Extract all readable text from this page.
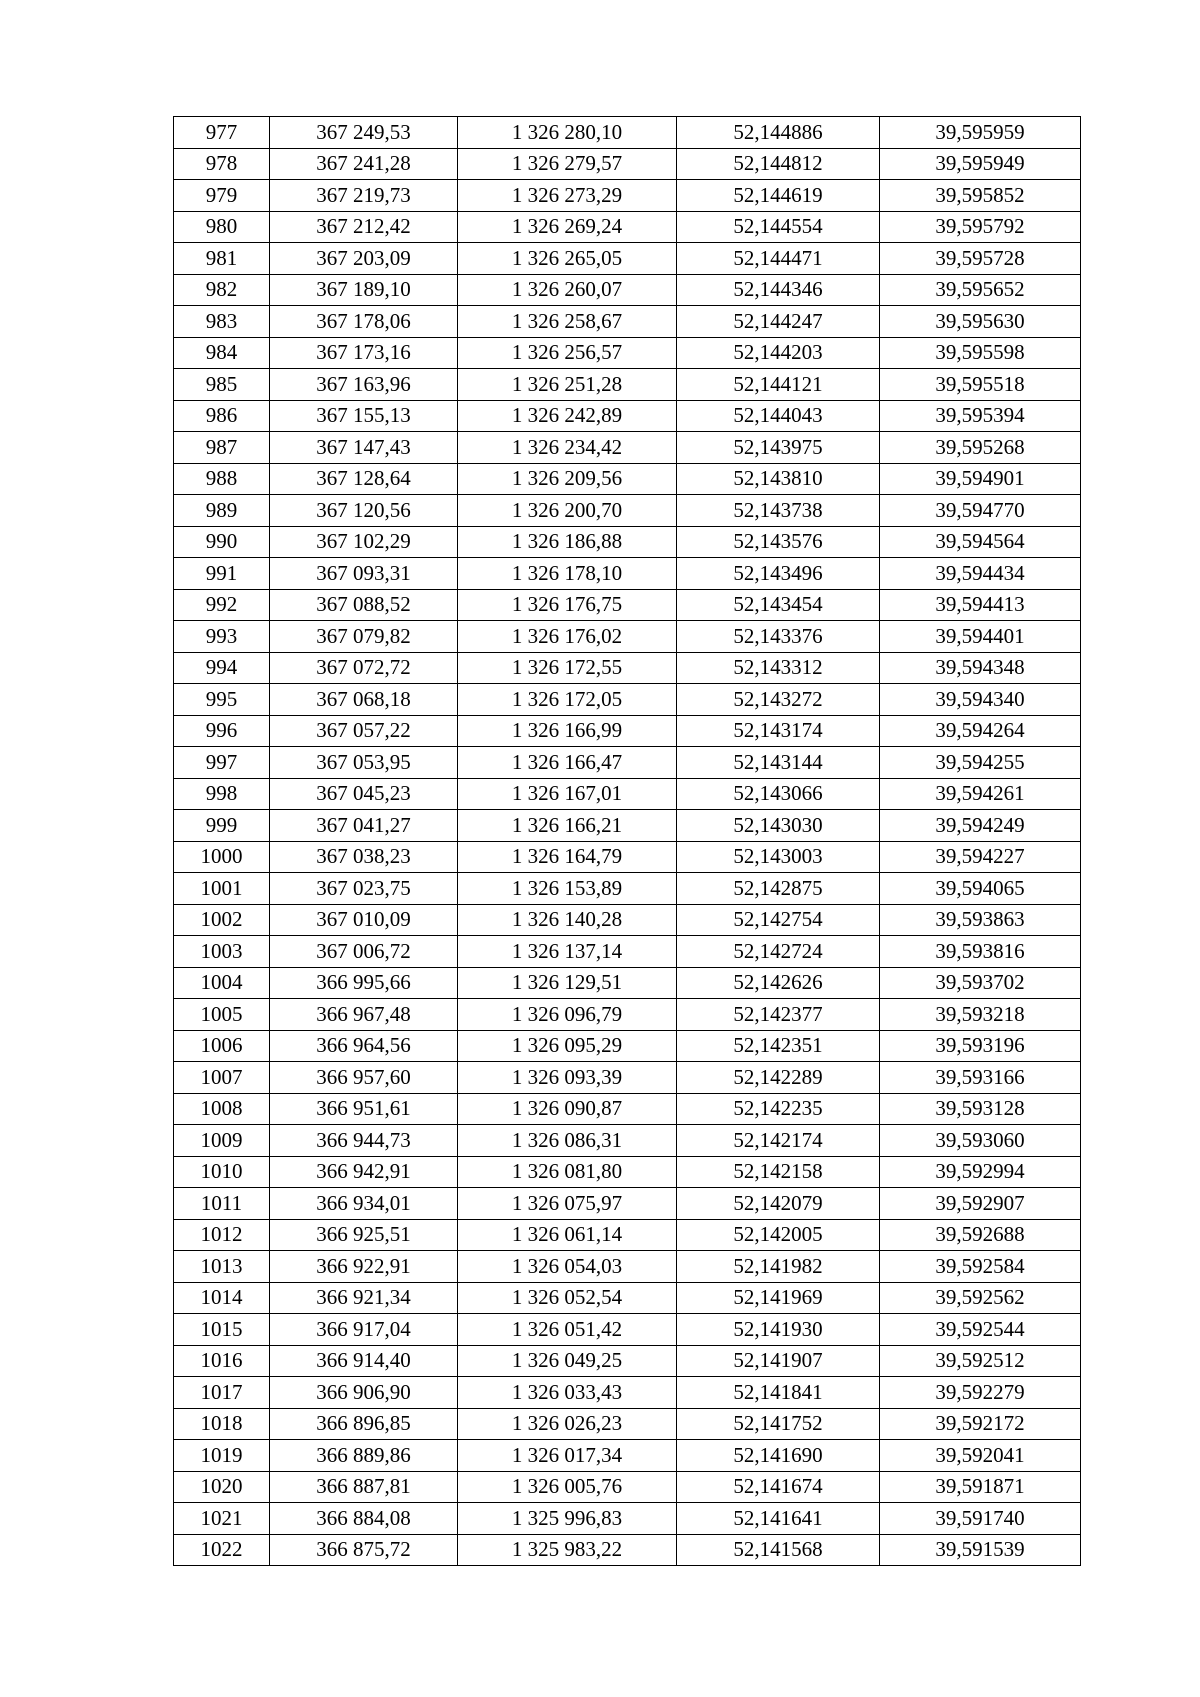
977	367 249,53	1 326 280,10	52,144886	39,595959
978	367 241,28	1 326 279,57	52,144812	39,595949
979	367 219,73	1 326 273,29	52,144619	39,595852
980	367 212,42	1 326 269,24	52,144554	39,595792
981	367 203,09	1 326 265,05	52,144471	39,595728
982	367 189,10	1 326 260,07	52,144346	39,595652
983	367 178,06	1 326 258,67	52,144247	39,595630
984	367 173,16	1 326 256,57	52,144203	39,595598
985	367 163,96	1 326 251,28	52,144121	39,595518
986	367 155,13	1 326 242,89	52,144043	39,595394
987	367 147,43	1 326 234,42	52,143975	39,595268
988	367 128,64	1 326 209,56	52,143810	39,594901
989	367 120,56	1 326 200,70	52,143738	39,594770
990	367 102,29	1 326 186,88	52,143576	39,594564
991	367 093,31	1 326 178,10	52,143496	39,594434
992	367 088,52	1 326 176,75	52,143454	39,594413
993	367 079,82	1 326 176,02	52,143376	39,594401
994	367 072,72	1 326 172,55	52,143312	39,594348
995	367 068,18	1 326 172,05	52,143272	39,594340
996	367 057,22	1 326 166,99	52,143174	39,594264
997	367 053,95	1 326 166,47	52,143144	39,594255
998	367 045,23	1 326 167,01	52,143066	39,594261
999	367 041,27	1 326 166,21	52,143030	39,594249
1000	367 038,23	1 326 164,79	52,143003	39,594227
1001	367 023,75	1 326 153,89	52,142875	39,594065
1002	367 010,09	1 326 140,28	52,142754	39,593863
1003	367 006,72	1 326 137,14	52,142724	39,593816
1004	366 995,66	1 326 129,51	52,142626	39,593702
1005	366 967,48	1 326 096,79	52,142377	39,593218
1006	366 964,56	1 326 095,29	52,142351	39,593196
1007	366 957,60	1 326 093,39	52,142289	39,593166
1008	366 951,61	1 326 090,87	52,142235	39,593128
1009	366 944,73	1 326 086,31	52,142174	39,593060
1010	366 942,91	1 326 081,80	52,142158	39,592994
1011	366 934,01	1 326 075,97	52,142079	39,592907
1012	366 925,51	1 326 061,14	52,142005	39,592688
1013	366 922,91	1 326 054,03	52,141982	39,592584
1014	366 921,34	1 326 052,54	52,141969	39,592562
1015	366 917,04	1 326 051,42	52,141930	39,592544
1016	366 914,40	1 326 049,25	52,141907	39,592512
1017	366 906,90	1 326 033,43	52,141841	39,592279
1018	366 896,85	1 326 026,23	52,141752	39,592172
1019	366 889,86	1 326 017,34	52,141690	39,592041
1020	366 887,81	1 326 005,76	52,141674	39,591871
1021	366 884,08	1 325 996,83	52,141641	39,591740
1022	366 875,72	1 325 983,22	52,141568	39,591539
